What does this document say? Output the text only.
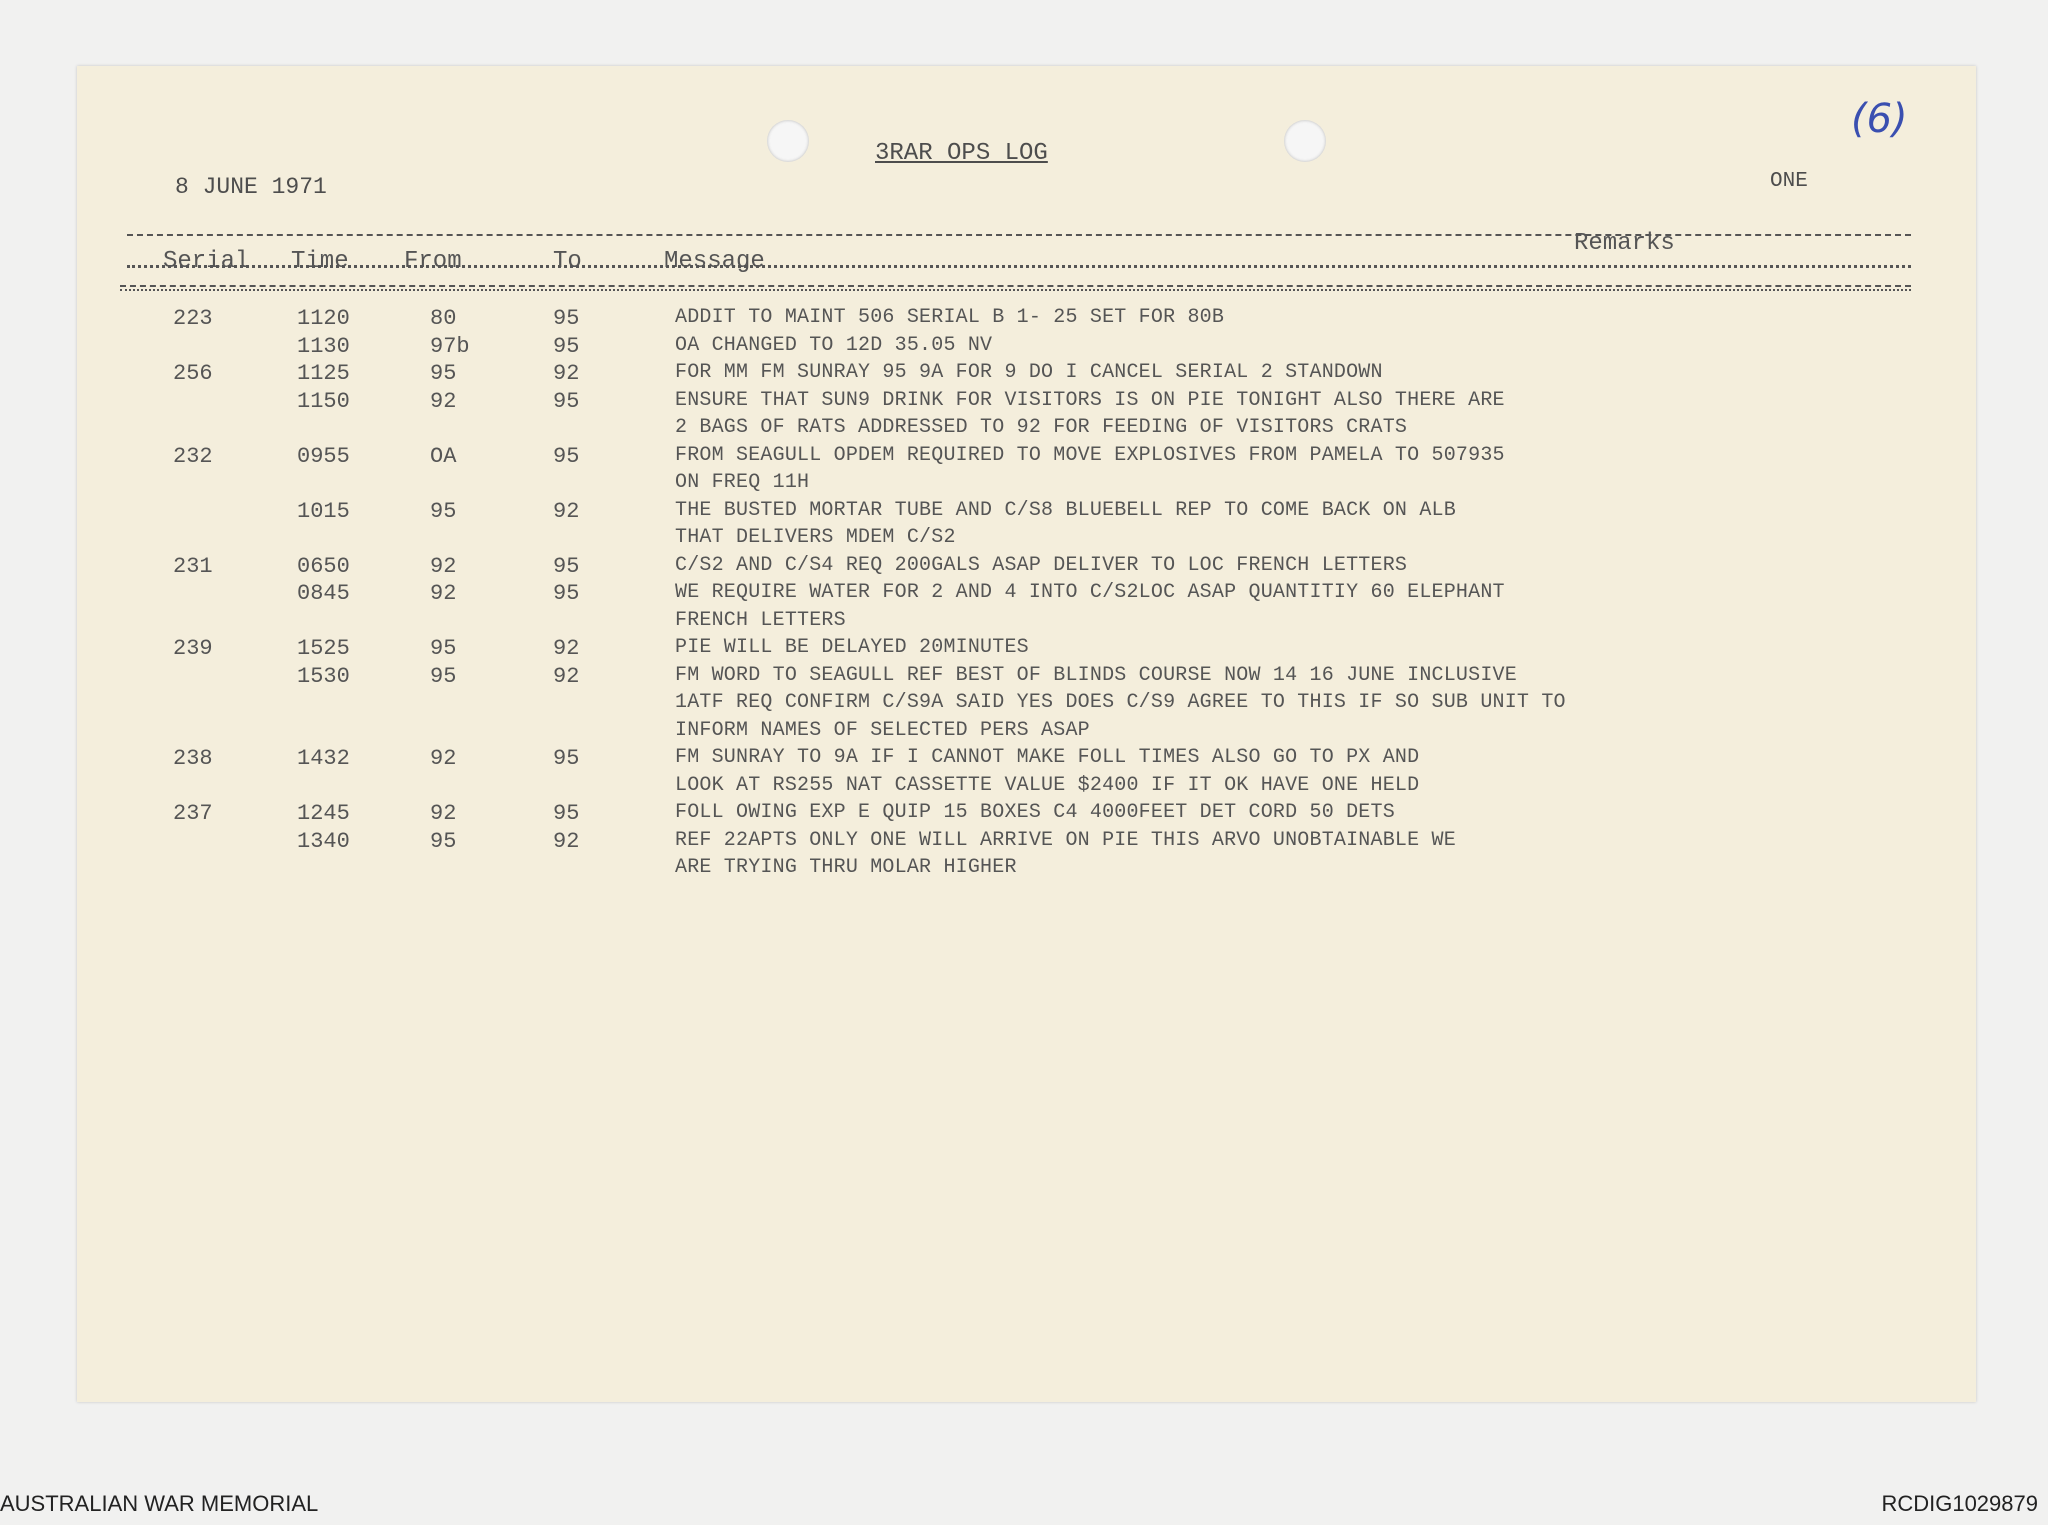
3RAR OPS LOG
8 JUNE 1971	ONE
(6)
Serial Time From	To	Message
Remarks
223	1120	80	95	ADDIT TO MAINT 506 SERIAL B 1- 25 SET FOR 80B
1130	97b	95	OA CHANGED TO 12D 35.05 NV
256	1125	95	92	FOR MM FM SUNRAY 95 9A FOR 9 DO I CANCEL SERIAL 2 STANDOWN
1150	92	95	ENSURE THAT SUN9 DRINK FOR VISITORS IS ON PIE TONIGHT ALSO THERE ARE
2 BAGS OF RATS ADDRESSED TO 92 FOR FEEDING OF VISITORS CRATS
232	0955	OA	95	FROM SEAGULL OPDEM REQUIRED TO MOVE EXPLOSIVES FROM PAMELA TO 507935
ON FREQ 11H
1015	95	92	THE BUSTED MORTAR TUBE AND C/S8 BLUEBELL REP TO COME BACK ON ALB
THAT DELIVERS MDEM C/S2
231	0650	92	95	C/S2 AND C/S4 REQ 200GALS ASAP DELIVER TO LOC FRENCH LETTERS
0845	92	95	WE REQUIRE WATER FOR 2 AND 4 INTO C/S2LOC ASAP QUANTITIY 60 ELEPHANT
FRENCH LETTERS
239	1525	95	92	PIE WILL BE DELAYED 20MINUTES
1530	95	92	FM WORD TO SEAGULL REF BEST OF BLINDS COURSE NOW 14 16 JUNE INCLUSIVE
1ATF REQ CONFIRM C/S9A SAID YES DOES C/S9 AGREE TO THIS IF SO SUB UNIT TO
INFORM NAMES OF SELECTED PERS ASAP
238	1432	92	95	FM SUNRAY TO 9A IF I CANNOT MAKE FOLL TIMES ALSO GO TO PX AND
LOOK AT RS255 NAT CASSETTE VALUE $2400 IF IT OK HAVE ONE HELD
237	1245	92	95	FOLL OWING EXP E QUIP 15 BOXES C4 4000FEET DET CORD 50 DETS
1340	95	92	REF 22APTS ONLY ONE WILL ARRIVE ON PIE THIS ARVO UNOBTAINABLE WE
ARE TRYING THRU MOLAR HIGHER
AUSTRALIAN WAR MEMORIAL	RCDIG1029879
